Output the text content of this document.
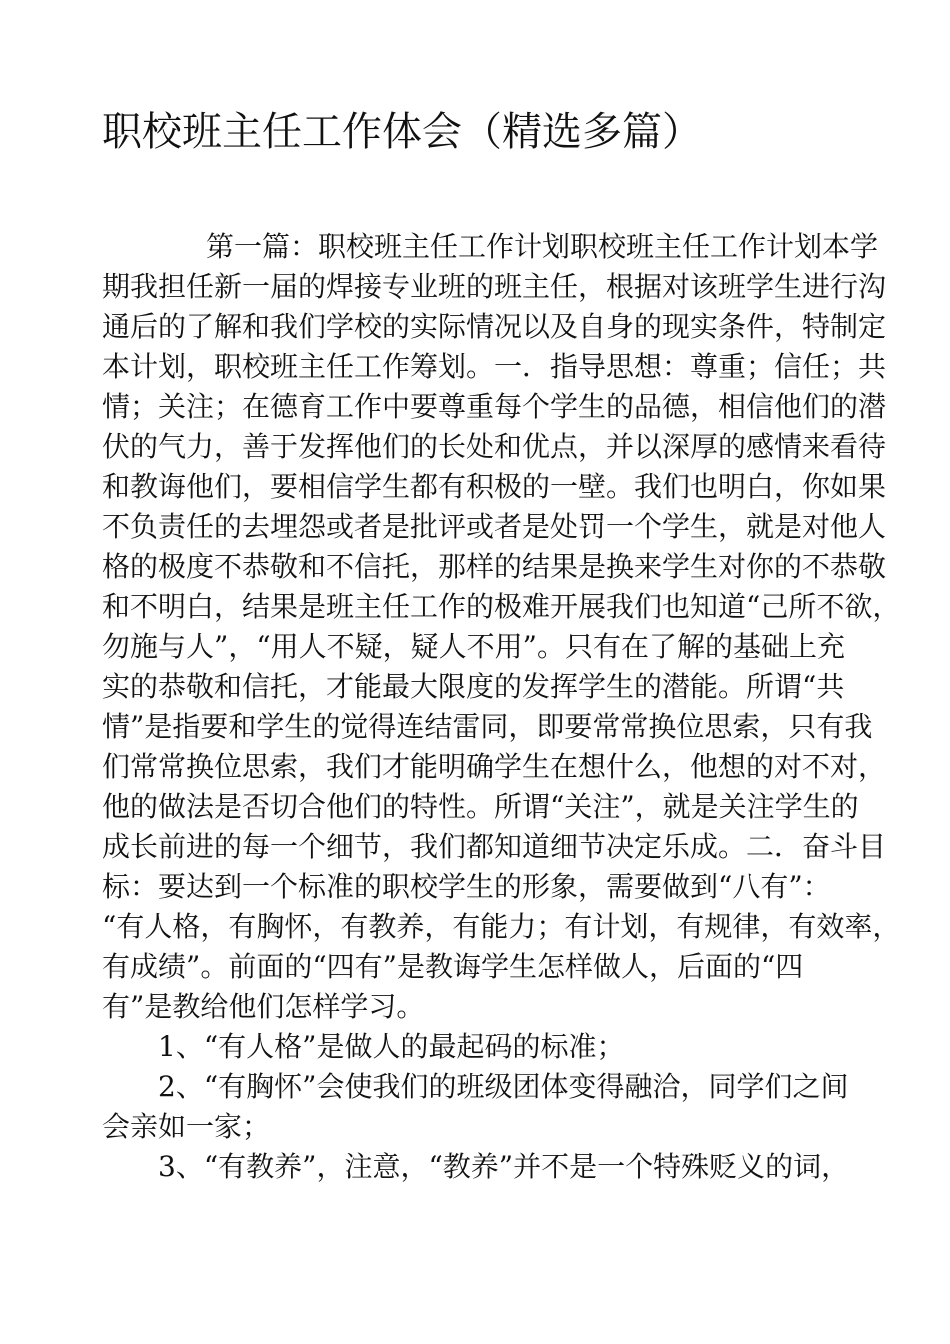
职校班主任工作体会（精选多篇）
第一篇：职校班主任工作计划职校班主任工作计划本学
期我担任新一届的焊接专业班的班主任，根据对该班学生进行沟
通后的了解和我们学校的实际情况以及自身的现实条件，特制定
本计划，职校班主任工作筹划。一．指导思想：尊重；信任；共
情；关注；在德育工作中要尊重每个学生的品德，相信他们的潜
伏的气力，善于发挥他们的长处和优点，并以深厚的感情来看待
和教诲他们，要相信学生都有积极的一壁。我们也明白，你如果
不负责任的去埋怨或者是批评或者是处罚一个学生，就是对他人
格的极度不恭敬和不信托，那样的结果是换来学生对你的不恭敬
和不明白，结果是班主任工作的极难开展我们也知道“己所不欲，
勿施与人”，“用人不疑，疑人不用”。只有在了解的基础上充
实的恭敬和信托，才能最大限度的发挥学生的潜能。所谓“共
情”是指要和学生的觉得连结雷同，即要常常换位思索，只有我
们常常换位思索，我们才能明确学生在想什么，他想的对不对，
他的做法是否切合他们的特性。所谓“关注”，就是关注学生的
成长前进的每一个细节，我们都知道细节决定乐成。二．奋斗目
标：要达到一个标准的职校学生的形象，需要做到“八有”：
“有人格，有胸怀，有教养，有能力；有计划，有规律，有效率，
有成绩”。前面的“四有”是教诲学生怎样做人，后面的“四
有”是教给他们怎样学习。
1、“有人格”是做人的最起码的标准；
2、“有胸怀”会使我们的班级团体变得融洽，同学们之间
会亲如一家；
3、“有教养”，注意，“教养”并不是一个特殊贬义的词，
